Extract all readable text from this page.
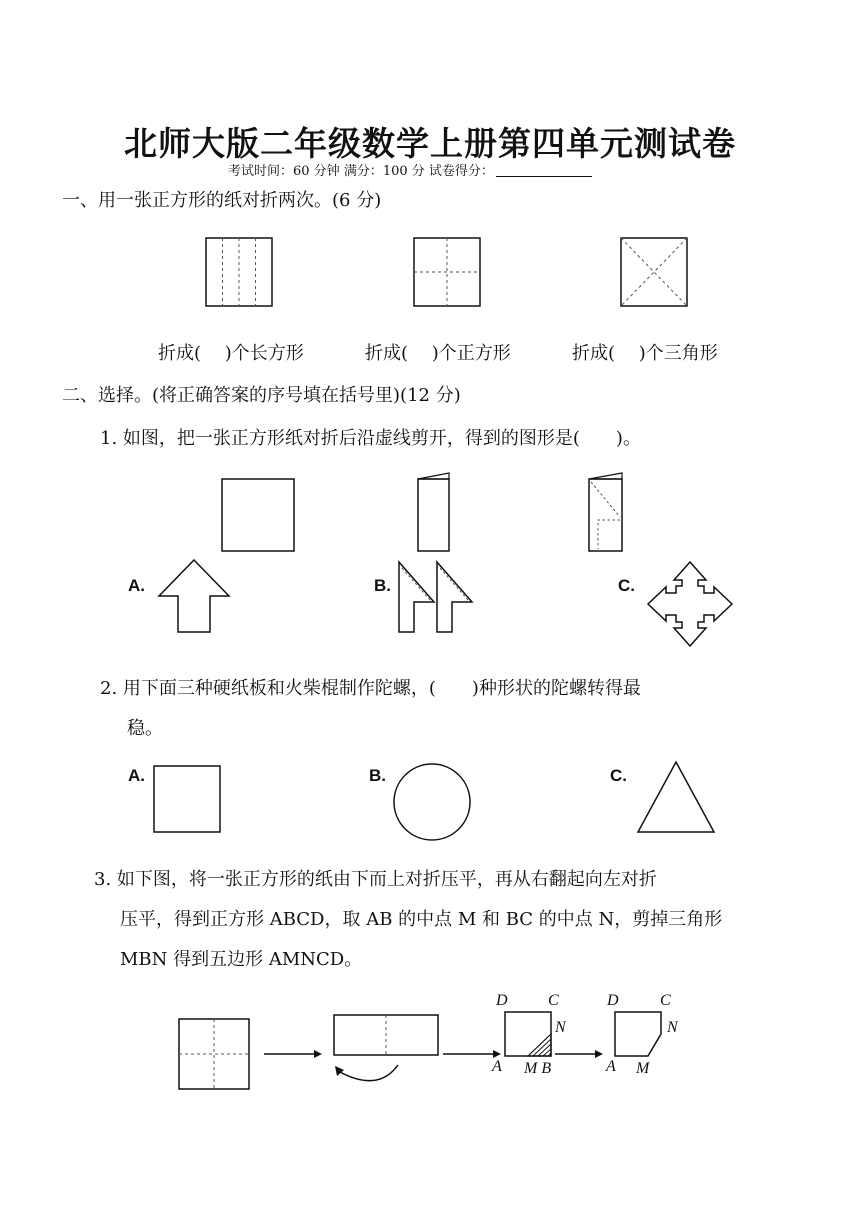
北师大版二年级数学上册第四单元测试卷
考试时间：60 分钟 满分：100 分 试卷得分：
一、用一张正方形的纸对折两次。(6 分)
折成(　 )个长方形	折成(　 )个正方形	折成(　 )个三角形
二、选择。(将正确答案的序号填在括号里)(12 分)
1. 如图，把一张正方形纸对折后沿虚线剪开，得到的图形是(　　)。
A.	B.	C.
2. 用下面三种硬纸板和火柴棍制作陀螺，(　　)种形状的陀螺转得最
稳。
A.	B.	C.
3. 如下图，将一张正方形的纸由下而上对折压平，再从右翻起向左对折
压平，得到正方形 ABCD，取 AB 的中点 M 和 BC 的中点 N，剪掉三角形
MBN 得到五边形 AMNCD。
D	C
N
A M B
D	C
N
A M
